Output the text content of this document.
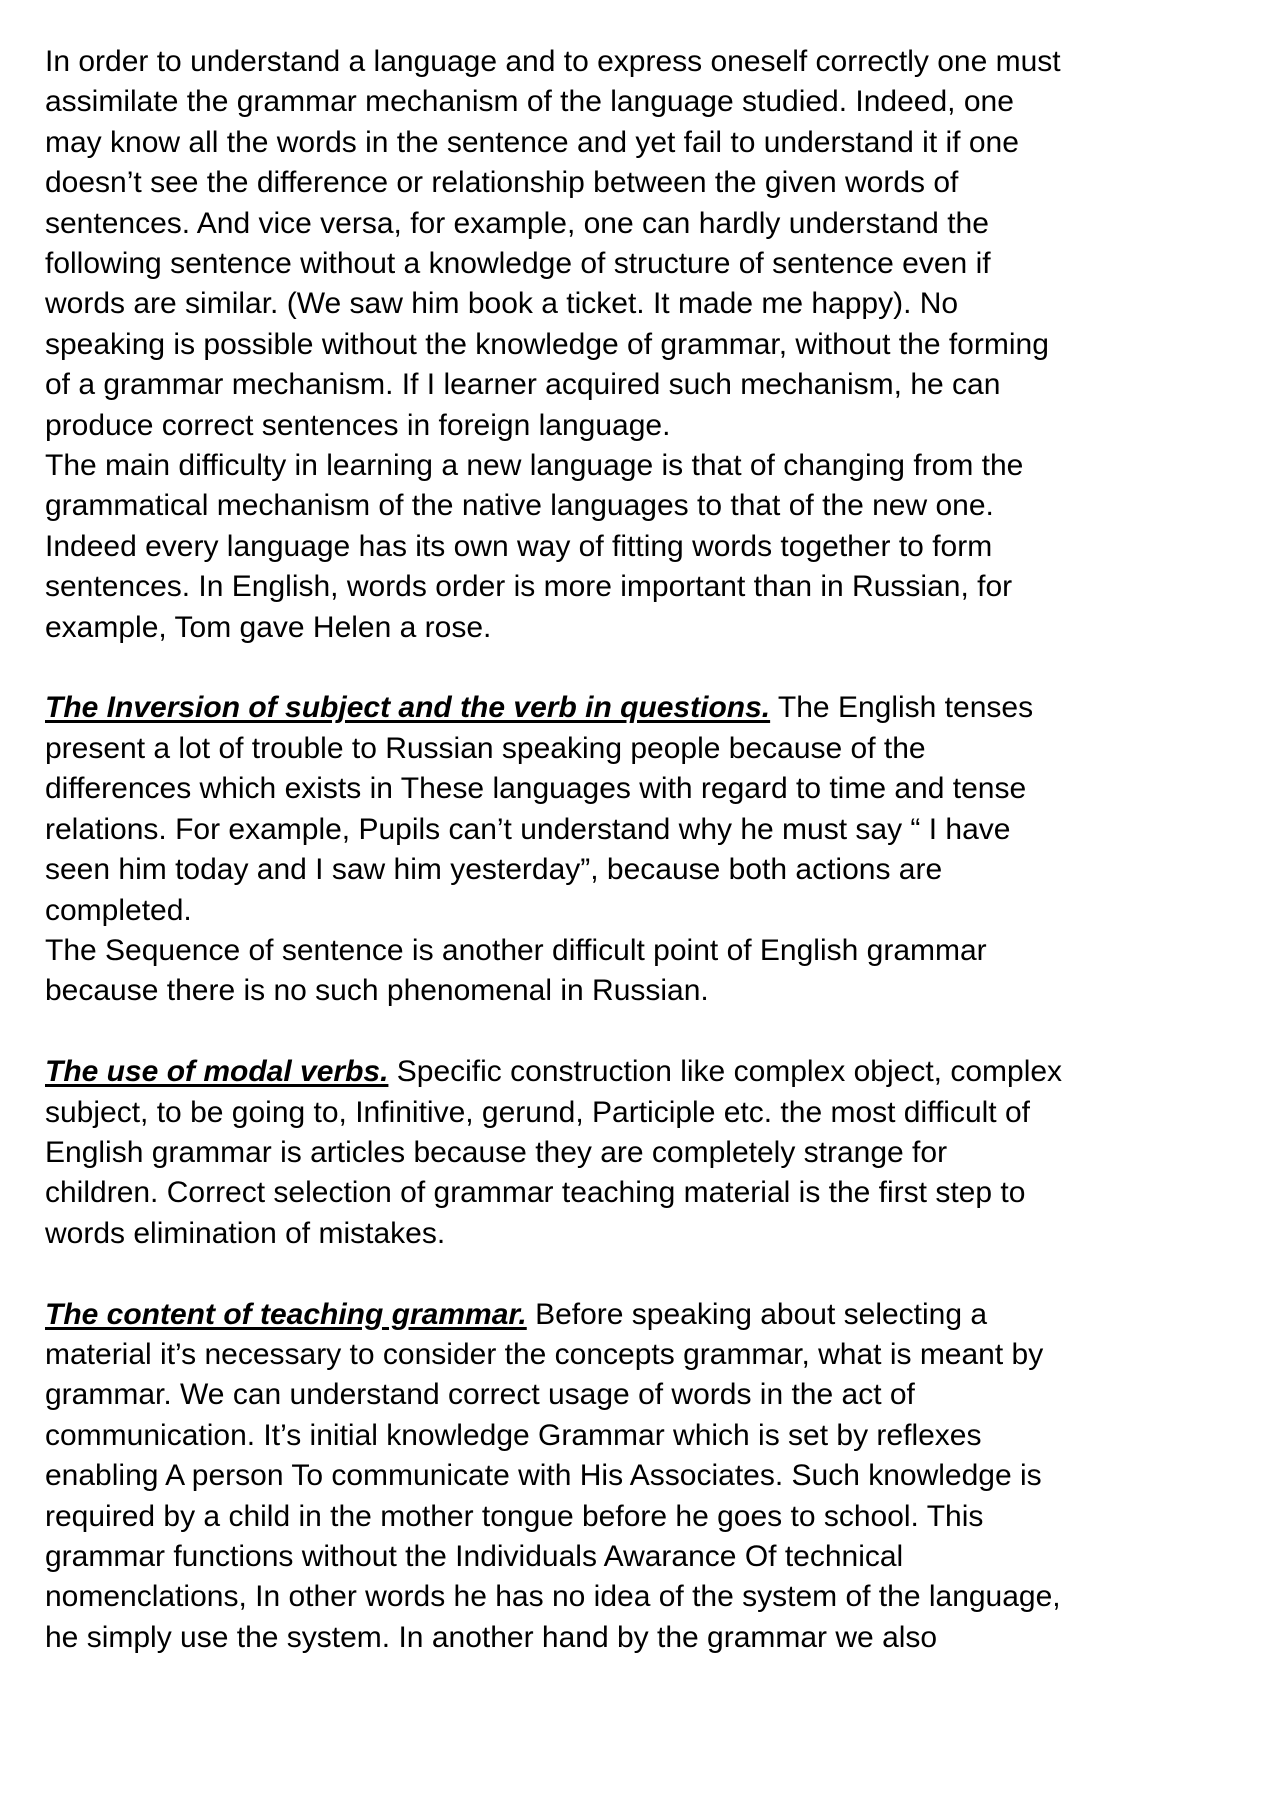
In order to understand a language and to express oneself correctly one must
assimilate the grammar mechanism of the language studied. Indeed, one
may know all the words in the sentence and yet fail to understand it if one
doesn’t see the difference or relationship between the given words of
sentences. And vice versa, for example, one can hardly understand the
following sentence without a knowledge of structure of sentence even if
words are similar. (We saw him book a ticket. It made me happy). No
speaking is possible without the knowledge of grammar, without the forming
of a grammar mechanism. If I learner acquired such mechanism, he can
produce correct sentences in foreign language.

The main difficulty in learning a new language is that of changing from the
grammatical mechanism of the native languages to that of the new one.
Indeed every language has its own way of fitting words together to form
sentences. In English, words order is more important than in Russian, for
example, Tom gave Helen a rose.

The Inversion of subject and the verb in questions. The English tenses
present a lot of trouble to Russian speaking people because of the
differences which exists in These languages with regard to time and tense
relations. For example, Pupils can’t understand why he must say “ I have
seen him today and I saw him yesterday”, because both actions are
completed.

The Sequence of sentence is another difficult point of English grammar
because there is no such phenomenal in Russian.

The use of modal verbs. Specific construction like complex object, complex
subject, to be going to, Infinitive, gerund, Participle etc. the most difficult of
English grammar is articles because they are completely strange for
children. Correct selection of grammar teaching material is the first step to
words elimination of mistakes.

The content of teaching grammar. Before speaking about selecting a
material it’s necessary to consider the concepts grammar, what is meant by
grammar. We can understand correct usage of words in the act of
communication. It’s initial knowledge Grammar which is set by reflexes
enabling A person To communicate with His Associates. Such knowledge is
required by a child in the mother tongue before he goes to school. This
grammar functions without the Individuals Awarance Of technical
nomenclations, In other words he has no idea of the system of the language,
he simply use the system. In another hand by the grammar we also
